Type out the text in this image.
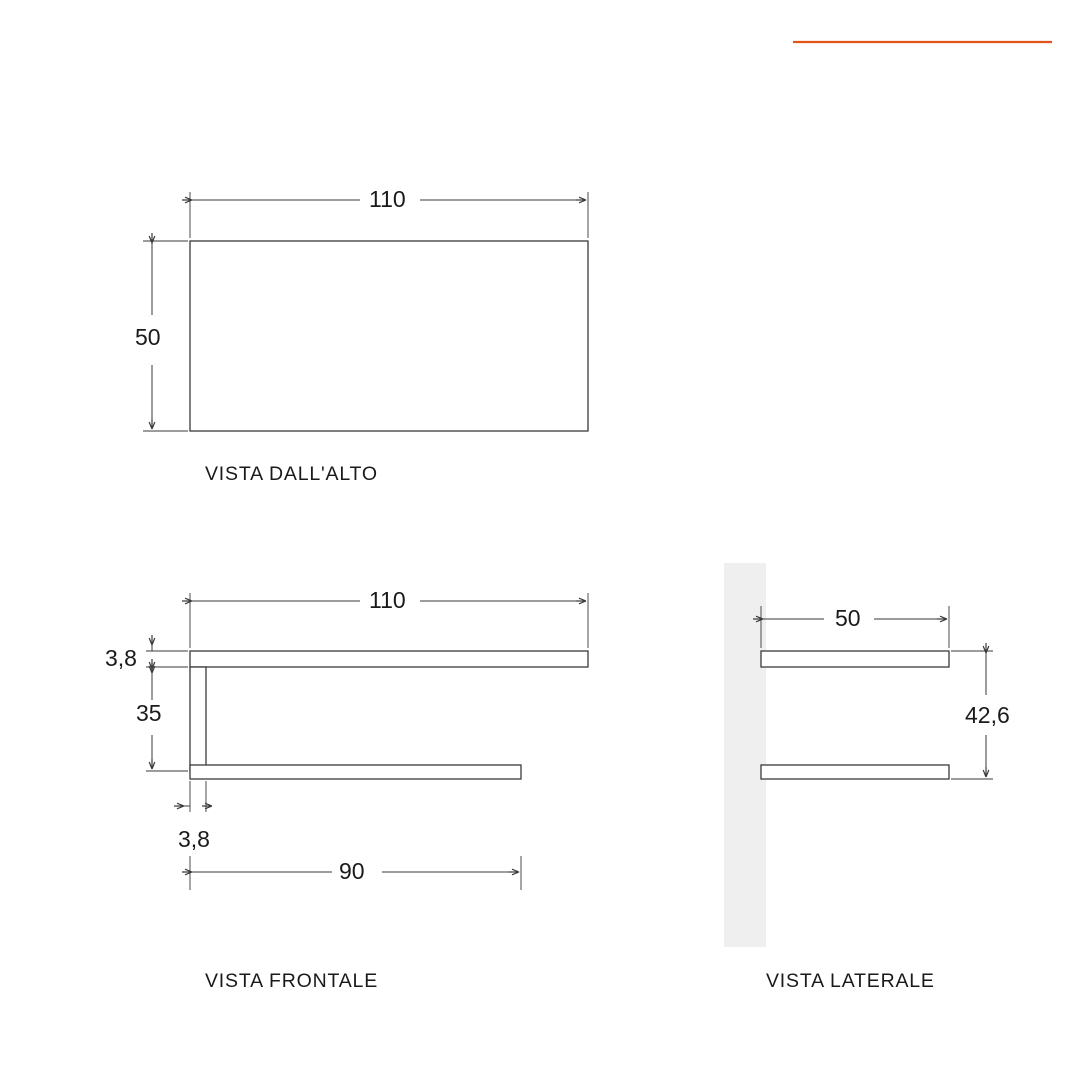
110
50
110
3,8
35
3,8
90
50
42,6
VISTA DALL'ALTO
VISTA FRONTALE	VISTA LATERALE
